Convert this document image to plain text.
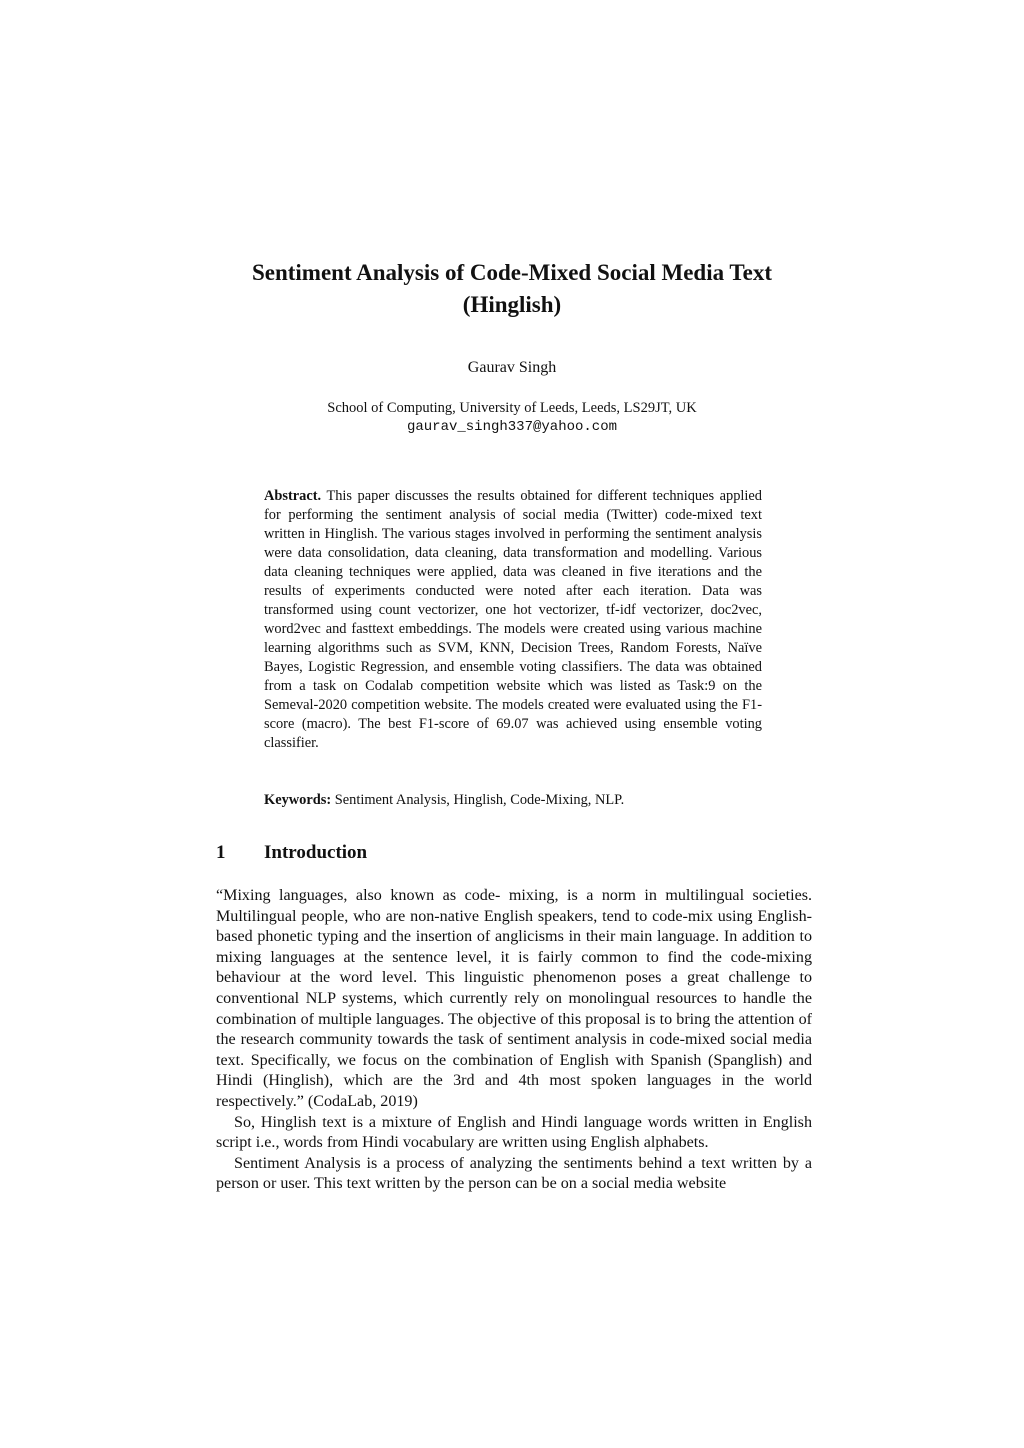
Sentiment Analysis of Code-Mixed Social Media Text
(Hinglish)
Gaurav Singh
School of Computing, University of Leeds, Leeds, LS29JT, UK
gaurav_singh337@yahoo.com

Abstract. This paper discusses the results obtained for different techniques applied for performing the sentiment analysis of social media (Twitter) code-mixed text written in Hinglish. The various stages involved in performing the sentiment analysis were data consolidation, data cleaning, data transformation and modelling. Various data cleaning techniques were applied, data was cleaned in five iterations and the results of experiments conducted were noted after each iteration. Data was transformed using count vectorizer, one hot vectorizer, tf-idf vectorizer, doc2vec, word2vec and fasttext embeddings. The models were created using various machine learning algorithms such as SVM, KNN, Decision Trees, Random Forests, Naïve Bayes, Logistic Regression, and ensemble voting classifiers. The data was obtained from a task on Codalab competition website which was listed as Task:9 on the Semeval-2020 competition website. The models created were evaluated using the F1-score (macro). The best F1-score of 69.07 was achieved using ensemble voting classifier.

Keywords: Sentiment Analysis, Hinglish, Code-Mixing, NLP.

1 Introduction

“Mixing languages, also known as code- mixing, is a norm in multilingual societies. Multilingual people, who are non-native English speakers, tend to code-mix using English-based phonetic typing and the insertion of anglicisms in their main language. In addition to mixing languages at the sentence level, it is fairly common to find the code-mixing behaviour at the word level. This linguistic phenomenon poses a great challenge to conventional NLP systems, which currently rely on monolingual resources to handle the combination of multiple languages. The objective of this proposal is to bring the attention of the research community towards the task of sentiment analysis in code-mixed social media text. Specifically, we focus on the combination of English with Spanish (Spanglish) and Hindi (Hinglish), which are the 3rd and 4th most spoken languages in the world respectively.” (CodaLab, 2019)

So, Hinglish text is a mixture of English and Hindi language words written in English script i.e., words from Hindi vocabulary are written using English alphabets.

Sentiment Analysis is a process of analyzing the sentiments behind a text written by a person or user. This text written by the person can be on a social media website
